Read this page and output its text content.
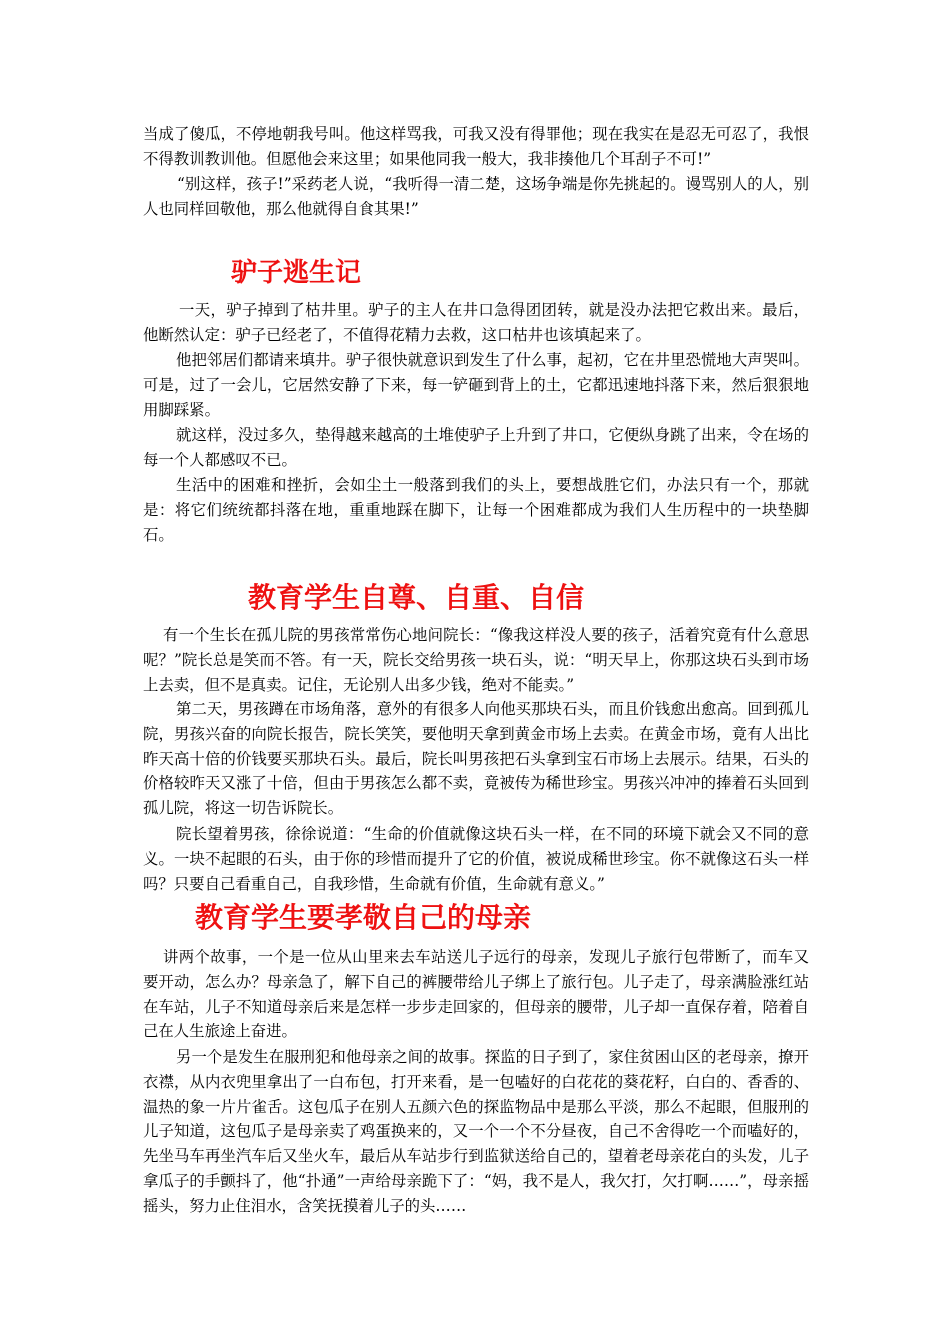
当成了傻瓜，不停地朝我号叫。他这样骂我，可我又没有得罪他；现在我实在是忍无可忍了，我恨不得教训教训他。但愿他会来这里；如果他同我一般大，我非揍他几个耳刮子不可!”

“别这样，孩子!”采药老人说，“我听得一清二楚，这场争端是你先挑起的。谩骂别人的人，别人也同样回敬他，那么他就得自食其果!”

驴子逃生记

一天，驴子掉到了枯井里。驴子的主人在井口急得团团转，就是没办法把它救出来。最后，他断然认定：驴子已经老了，不值得花精力去救，这口枯井也该填起来了。

他把邻居们都请来填井。驴子很快就意识到发生了什么事，起初，它在井里恐慌地大声哭叫。可是，过了一会儿，它居然安静了下来，每一铲砸到背上的土，它都迅速地抖落下来，然后狠狠地用脚踩紧。

就这样，没过多久，垫得越来越高的土堆使驴子上升到了井口，它便纵身跳了出来，令在场的每一个人都感叹不已。

生活中的困难和挫折，会如尘土一般落到我们的头上，要想战胜它们，办法只有一个，那就是：将它们统统都抖落在地，重重地踩在脚下，让每一个困难都成为我们人生历程中的一块垫脚石。

教育学生自尊、自重、自信

有一个生长在孤儿院的男孩常常伤心地问院长：“像我这样没人要的孩子，活着究竟有什么意思呢？”院长总是笑而不答。有一天，院长交给男孩一块石头，说：“明天早上，你那这块石头到市场上去卖，但不是真卖。记住，无论别人出多少钱，绝对不能卖。”

第二天，男孩蹲在市场角落，意外的有很多人向他买那块石头，而且价钱愈出愈高。回到孤儿院，男孩兴奋的向院长报告，院长笑笑，要他明天拿到黄金市场上去卖。在黄金市场，竟有人出比昨天高十倍的价钱要买那块石头。最后，院长叫男孩把石头拿到宝石市场上去展示。结果，石头的价格较昨天又涨了十倍，但由于男孩怎么都不卖，竟被传为稀世珍宝。男孩兴冲冲的捧着石头回到孤儿院，将这一切告诉院长。

院长望着男孩，徐徐说道：“生命的价值就像这块石头一样，在不同的环境下就会又不同的意义。一块不起眼的石头，由于你的珍惜而提升了它的价值，被说成稀世珍宝。你不就像这石头一样吗？只要自己看重自己，自我珍惜，生命就有价值，生命就有意义。”

教育学生要孝敬自己的母亲

讲两个故事，一个是一位从山里来去车站送儿子远行的母亲，发现儿子旅行包带断了，而车又要开动，怎么办？母亲急了，解下自己的裤腰带给儿子绑上了旅行包。儿子走了，母亲满脸涨红站在车站，儿子不知道母亲后来是怎样一步步走回家的，但母亲的腰带，儿子却一直保存着，陪着自己在人生旅途上奋进。

另一个是发生在服刑犯和他母亲之间的故事。探监的日子到了，家住贫困山区的老母亲，撩开衣襟，从内衣兜里拿出了一白布包，打开来看，是一包嗑好的白花花的葵花籽，白白的、香香的、温热的象一片片雀舌。这包瓜子在别人五颜六色的探监物品中是那么平淡，那么不起眼，但服刑的儿子知道，这包瓜子是母亲卖了鸡蛋换来的，又一个一个不分昼夜，自己不舍得吃一个而嗑好的，先坐马车再坐汽车后又坐火车，最后从车站步行到监狱送给自己的，望着老母亲花白的头发，儿子拿瓜子的手颤抖了，他“扑通”一声给母亲跪下了：“妈，我不是人，我欠打，欠打啊……”，母亲摇摇头，努力止住泪水，含笑抚摸着儿子的头……
